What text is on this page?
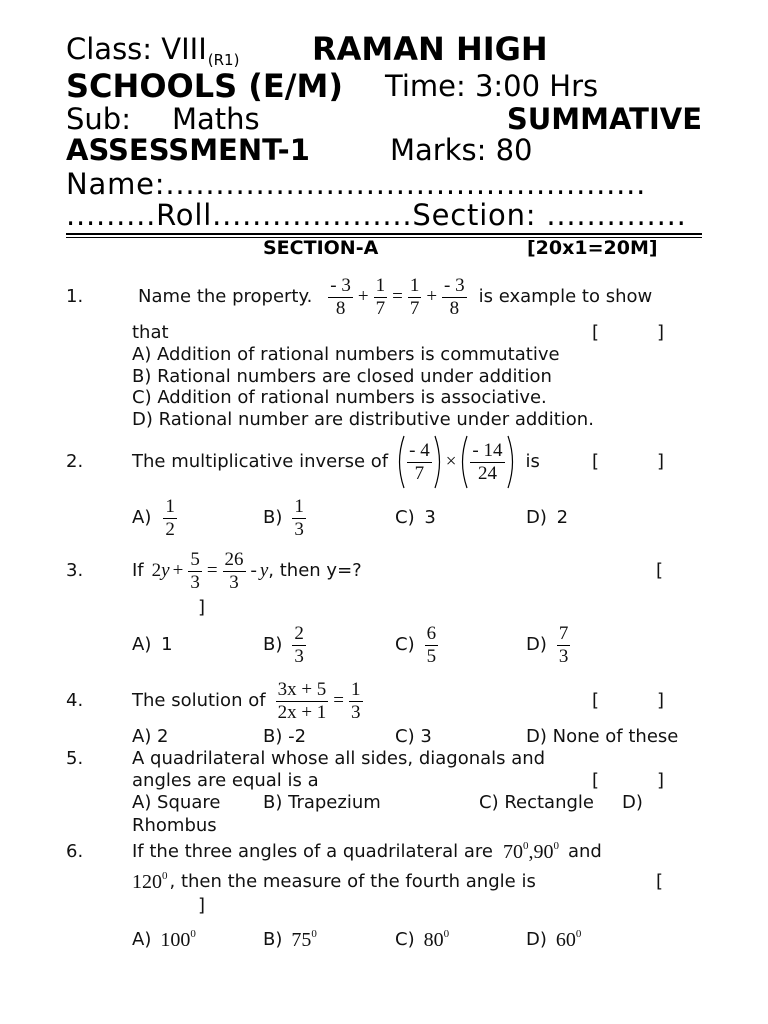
Class: $VIII_{(R1)}$ RAMAN HIGH
SCHOOLS (E/M) Time: 3:00 Hrs
Sub: Maths	SUMMATIVE
ASSESSMENT-1	Marks: 80
Name:................................................
.........Roll....................Section: ..............
SECTION-A	[20x1=20M]
1.	Name the property. $\frac{- 3}{8} + \frac{1}{7} = \frac{1}{7} + \frac{- 3}{8}$ is example to show
that	[	]
A) Addition of rational numbers is commutative
B) Rational numbers are closed under addition
C) Addition of rational numbers is associative.
D) Rational number are distributive under addition.
2.	The multiplicative inverse of $\frac{- 4}{7} \times \frac{- 14}{24}$ is	[	]
$A) \frac{1}{2}$	$B) \frac{1}{3}$	C) 3	D) 2
3.	If 2 $y + \frac{5}{3} = \frac{26}{3} - y$ , then y=?	[
]
A) 1	$B) \frac{2}{3}$	$C) \frac{6}{5}$	$D) \frac{7}{3}$
4.	The solution of $\frac{3x + 5}{2x + 1} = \frac{1}{3}$	[	]
A) 2	B) -2	C) 3	D) None of these
5.	A quadrilateral whose all sides, diagonals and
angles are equal is a	[	]
A) Square B) Trapezium	C) Rectangle D)
Rhombus
6.	If the three angles of a quadrilateral are $70^0$ , $90^0$ and
$120^0$ , then the measure of the fourth angle is	[
]
A) $100^0$	B) $75^0$	C) $80^0$	D) $60^0$
